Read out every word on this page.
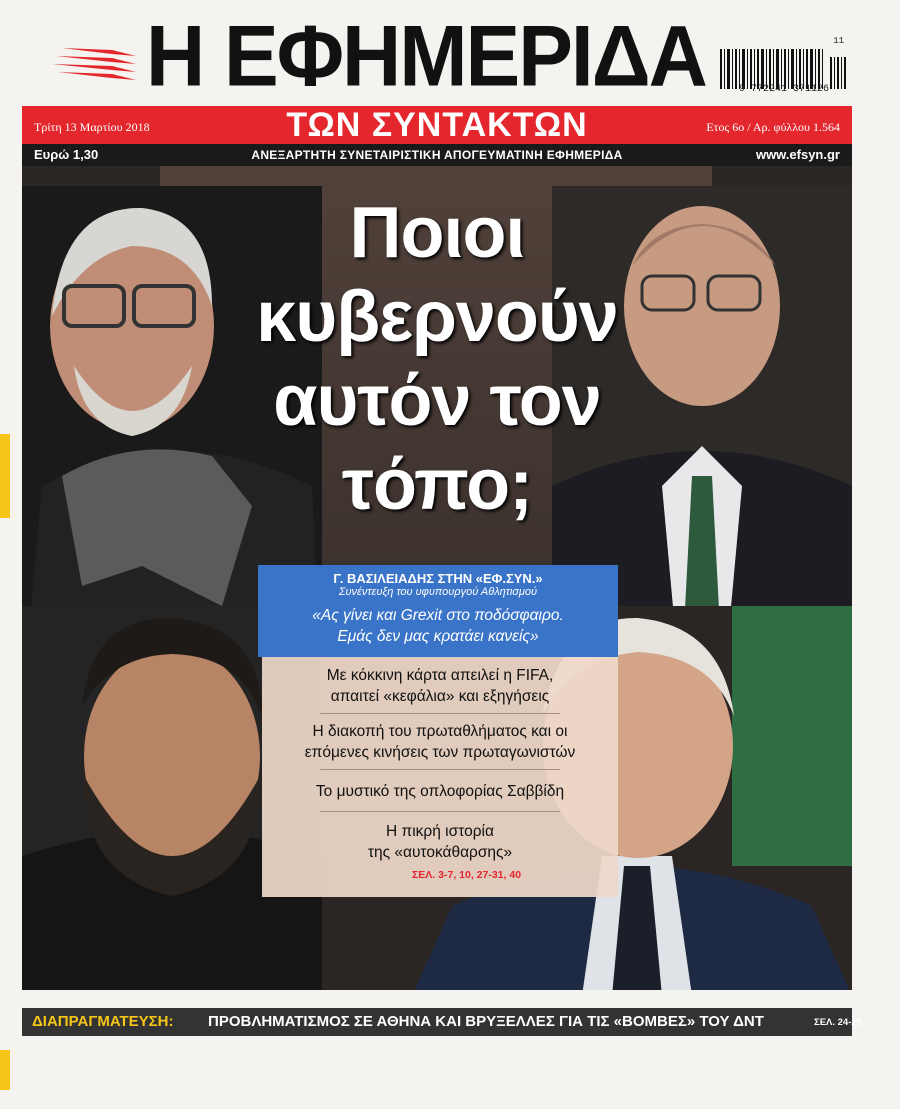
Η ΕΦΗΜΕΡΙΔΑ	9 772241 371126
11
Τρίτη 13 Μαρτίου 2018	ΤΩΝ ΣΥΝΤΑΚΤΩΝ	Ετος 6ο / Αρ. φύλλου 1.564
Ευρώ 1,30	ΑΝΕΞΑΡΤΗΤΗ ΣΥΝΕΤΑΙΡΙΣΤΙΚΗ ΑΠΟΓΕΥΜΑΤΙΝΗ ΕΦΗΜΕΡΙΔΑ	www.efsyn.gr
Ποιοι
κυβερνούν
αυτόν τον
τόπο;
Γ. ΒΑΣΙΛΕΙΑΔΗΣ ΣΤΗΝ «ΕΦ.ΣΥΝ.»
Συνέντευξη του υφυπουργού Αθλητισμού
«Ας γίνει και Grexit στο ποδόσφαιρο.
Εμάς δεν μας κρατάει κανείς»
Με κόκκινη κάρτα απειλεί η FIFA,
απαιτεί «κεφάλια» και εξηγήσεις
Η διακοπή του πρωταθλήματος και οι
επόμενες κινήσεις των πρωταγωνιστών
Το μυστικό της οπλοφορίας Σαββίδη
Η πικρή ιστορία
της «αυτοκάθαρσης»
ΣΕΛ. 3-7, 10, 27-31, 40
ΔΙΑΠΡΑΓΜΑΤΕΥΣΗ: ΠΡΟΒΛΗΜΑΤΙΣΜΟΣ ΣΕ ΑΘΗΝΑ ΚΑΙ ΒΡΥΞΕΛΛΕΣ ΓΙΑ ΤΙΣ «ΒΟΜΒΕΣ» ΤΟΥ ΔΝΤ	ΣΕΛ. 24-25
